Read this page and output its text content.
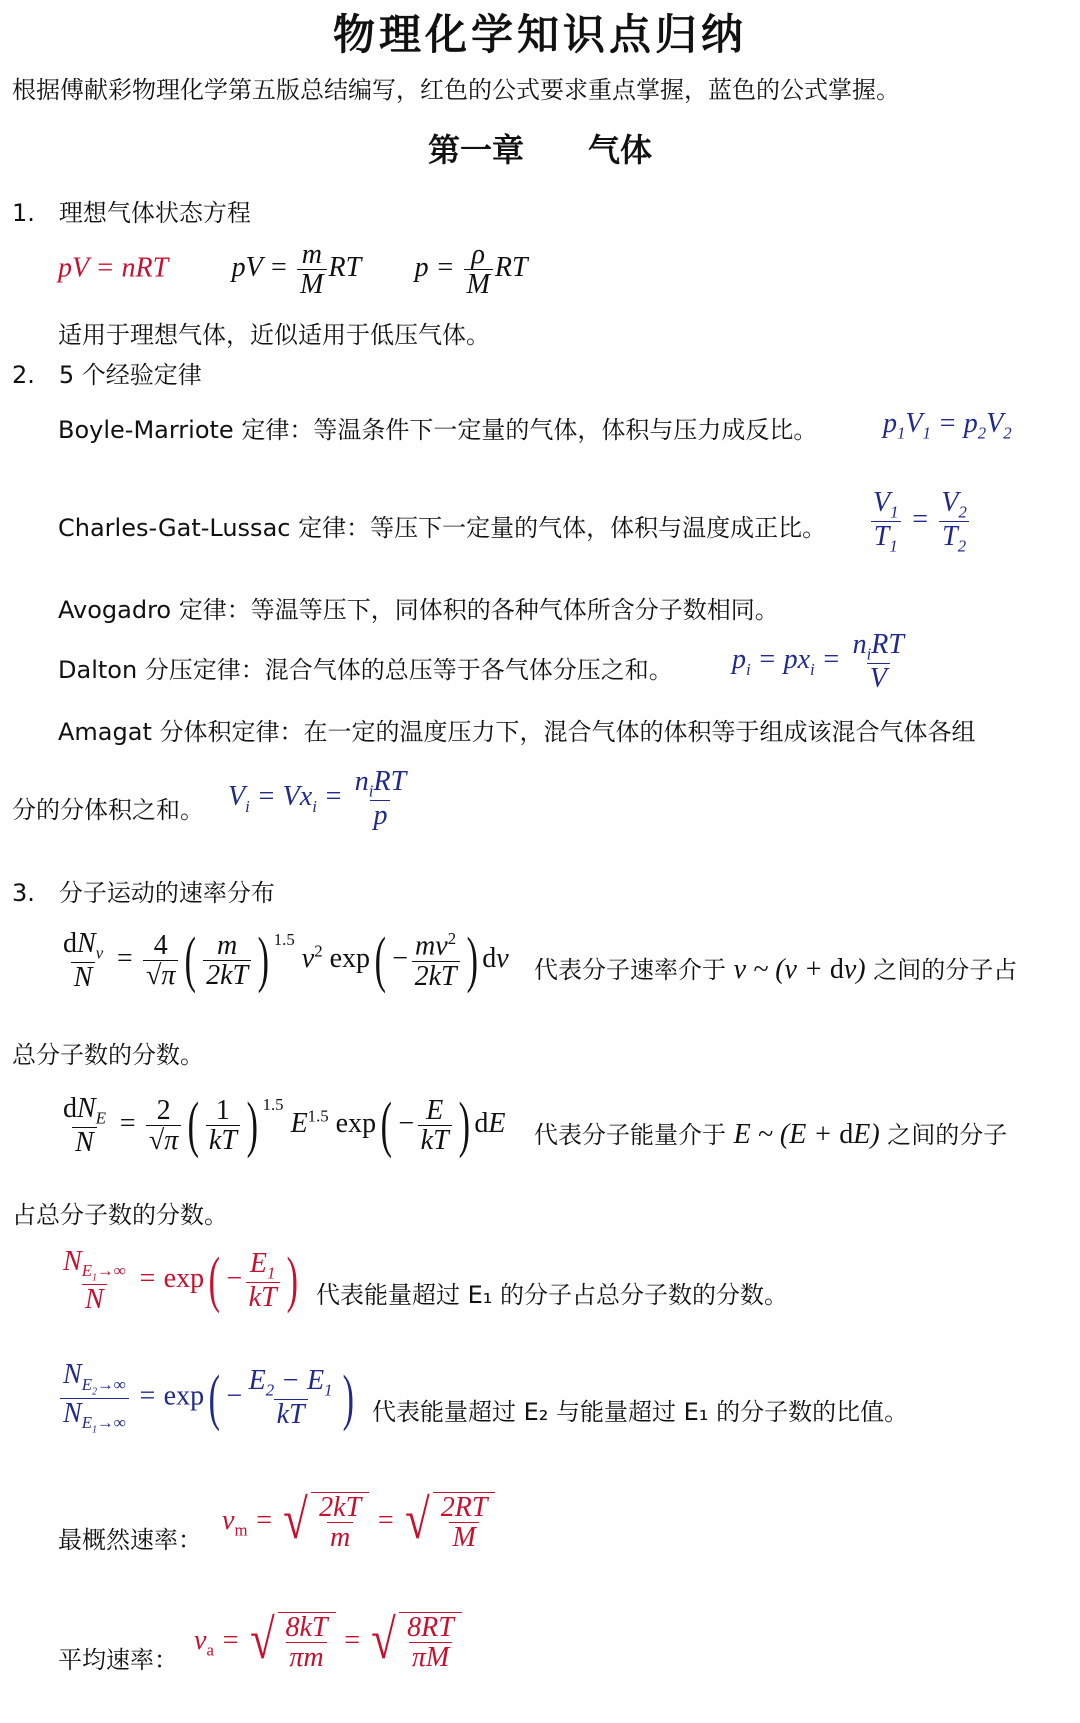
物理化学知识点归纳
根据傅献彩物理化学第五版总结编写，红色的公式要求重点掌握，蓝色的公式掌握。
第一章　　气体
1.　理想气体状态方程
pV = nRT pV = $\frac{m}{M}$ RT $p = \frac{\rho}{M}$ RT
适用于理想气体，近似适用于低压气体。
2.　5 个经验定律
Boyle-Marriote 定律：等温条件下一定量的气体，体积与压力成反比。 $p_1V_1 = p_2V_2$
Charles-Gat-Lussac 定律：等压下一定量的气体，体积与温度成正比。 $\frac{V_1}{T_1} = \frac{V_2}{T_2}$
Avogadro 定律：等温等压下，同体积的各种气体所含分子数相同。
Dalton 分压定律：混合气体的总压等于各气体分压之和。 $p_i = px_i = \frac{n_iRT}{V}$
Amagat 分体积定律：在一定的温度压力下，混合气体的体积等于组成该混合气体各组
分的分体积之和。 $V_i = Vx_i = \frac{n_iRT}{p}$
3.　分子运动的速率分布
$\frac{dN_v}{N} = \frac{4}{√\pi}$ ( $\frac{m}{2kT}$ ) $^{1.5}$ $v^2$ $\exp( - \frac{mv^2}{2kT}$ ) dv 代表分子速率介于 v ~ (v + dv) 之间的分子占
总分子数的分数。
$\frac{dN_E}{N} = \frac{2}{√\pi}$ ( $\frac{1}{kT}$ ) $^{1.5}$ $E^{1.5}$ $\exp( - \frac{E}{kT}$ ) dE 代表分子能量介于 E ~ (E + dE) 之间的分子
占总分子数的分数。
$\frac{N_{E_1\to\infty}}{N} = \exp( - \frac{E_1}{kT}$ ) 代表能量超过 E₁ 的分子占总分子数的分数。
$\frac{N_{E_2\to\infty}}{N_{E_1\to\infty}} = \exp( - \frac{E_2 - E_1}{kT}$ ) 代表能量超过 E₂ 与能量超过 E₁ 的分子数的比值。
最概然速率：
$v_m$ = √ $\frac{2kT}{m}$ = √ $\frac{2RT}{M}$
平均速率：
$v_a$ = √ $\frac{8kT}{\pi m}$ = √ $\frac{8RT}{\pi M}$
